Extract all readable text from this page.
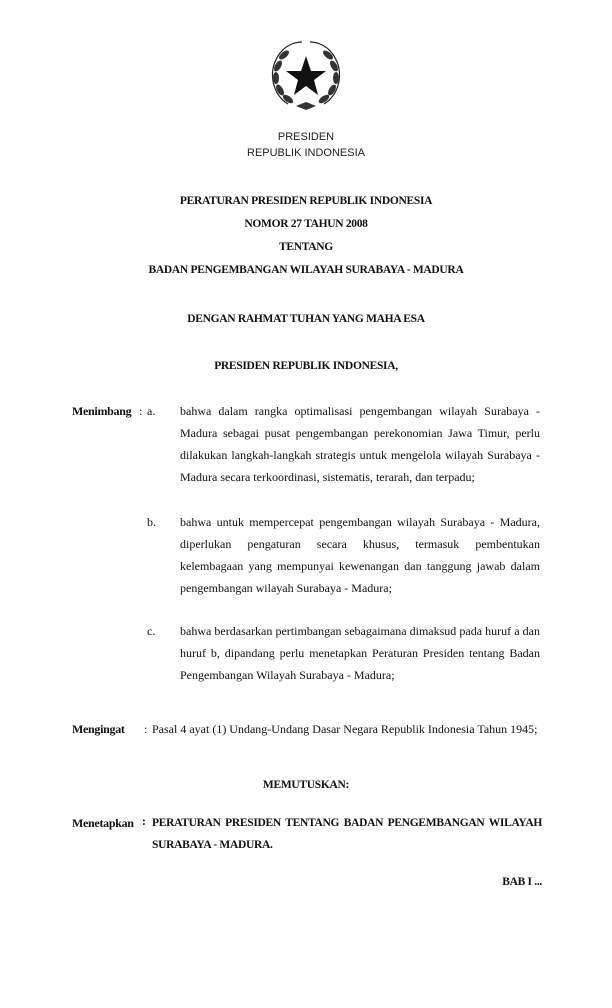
PRESIDEN
REPUBLIK INDONESIA
PERATURAN PRESIDEN REPUBLIK INDONESIA
NOMOR 27 TAHUN 2008
TENTANG
BADAN PENGEMBANGAN WILAYAH SURABAYA - MADURA
DENGAN RAHMAT TUHAN YANG MAHA ESA
PRESIDEN REPUBLIK INDONESIA,
Menimbang : a. bahwa dalam rangka optimalisasi pengembangan wilayah Surabaya - Madura sebagai pusat pengembangan perekonomian Jawa Timur, perlu dilakukan langkah-langkah strategis untuk mengelola wilayah Surabaya - Madura secara terkoordinasi, sistematis, terarah, dan terpadu;
b. bahwa untuk mempercepat pengembangan wilayah Surabaya - Madura, diperlukan pengaturan secara khusus, termasuk pembentukan kelembagaan yang mempunyai kewenangan dan tanggung jawab dalam pengembangan wilayah Surabaya - Madura;
c. bahwa berdasarkan pertimbangan sebagaimana dimaksud pada huruf a dan huruf b, dipandang perlu menetapkan Peraturan Presiden tentang Badan Pengembangan Wilayah Surabaya - Madura;
Mengingat : Pasal 4 ayat (1) Undang-Undang Dasar Negara Republik Indonesia Tahun 1945;
MEMUTUSKAN:
Menetapkan : PERATURAN PRESIDEN TENTANG BADAN PENGEMBANGAN WILAYAH SURABAYA - MADURA.
BAB I ...
